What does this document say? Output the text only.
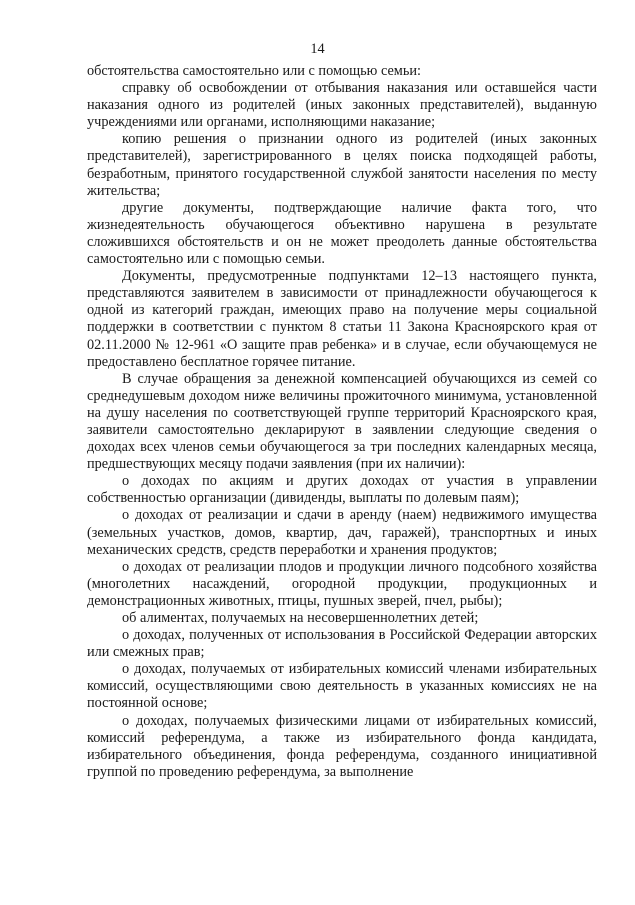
14

обстоятельства самостоятельно или с помощью семьи:

справку об освобождении от отбывания наказания или оставшейся части наказания одного из родителей (иных законных представителей), выданную учреждениями или органами, исполняющими наказание;

копию решения о признании одного из родителей (иных законных представителей), зарегистрированного в целях поиска подходящей работы, безработным, принятого государственной службой занятости населения по месту жительства;

другие документы, подтверждающие наличие факта того, что жизнедеятельность обучающегося объективно нарушена в результате сложившихся обстоятельств и он не может преодолеть данные обстоятельства самостоятельно или с помощью семьи.

Документы, предусмотренные подпунктами 12–13 настоящего пункта, представляются заявителем в зависимости от принадлежности обучающегося к одной из категорий граждан, имеющих право на получение меры социальной поддержки в соответствии с пунктом 8 статьи 11 Закона Красноярского края от 02.11.2000 № 12-961 «О защите прав ребенка» и в случае, если обучающемуся не предоставлено бесплатное горячее питание.

В случае обращения за денежной компенсацией обучающихся из семей со среднедушевым доходом ниже величины прожиточного минимума, установленной на душу населения по соответствующей группе территорий Красноярского края, заявители самостоятельно декларируют в заявлении следующие сведения о доходах всех членов семьи обучающегося за три последних календарных месяца, предшествующих месяцу подачи заявления (при их наличии):

о доходах по акциям и других доходах от участия в управлении собственностью организации (дивиденды, выплаты по долевым паям);

о доходах от реализации и сдачи в аренду (наем) недвижимого имущества (земельных участков, домов, квартир, дач, гаражей), транспортных и иных механических средств, средств переработки и хранения продуктов;

о доходах от реализации плодов и продукции личного подсобного хозяйства (многолетних насаждений, огородной продукции, продукционных и демонстрационных животных, птицы, пушных зверей, пчел, рыбы);

об алиментах, получаемых на несовершеннолетних детей;

о доходах, полученных от использования в Российской Федерации авторских или смежных прав;

о доходах, получаемых от избирательных комиссий членами избирательных комиссий, осуществляющими свою деятельность в указанных комиссиях не на постоянной основе;

о доходах, получаемых физическими лицами от избирательных комиссий, комиссий референдума, а также из избирательного фонда кандидата, избирательного объединения, фонда референдума, созданного инициативной группой по проведению референдума, за выполнение
